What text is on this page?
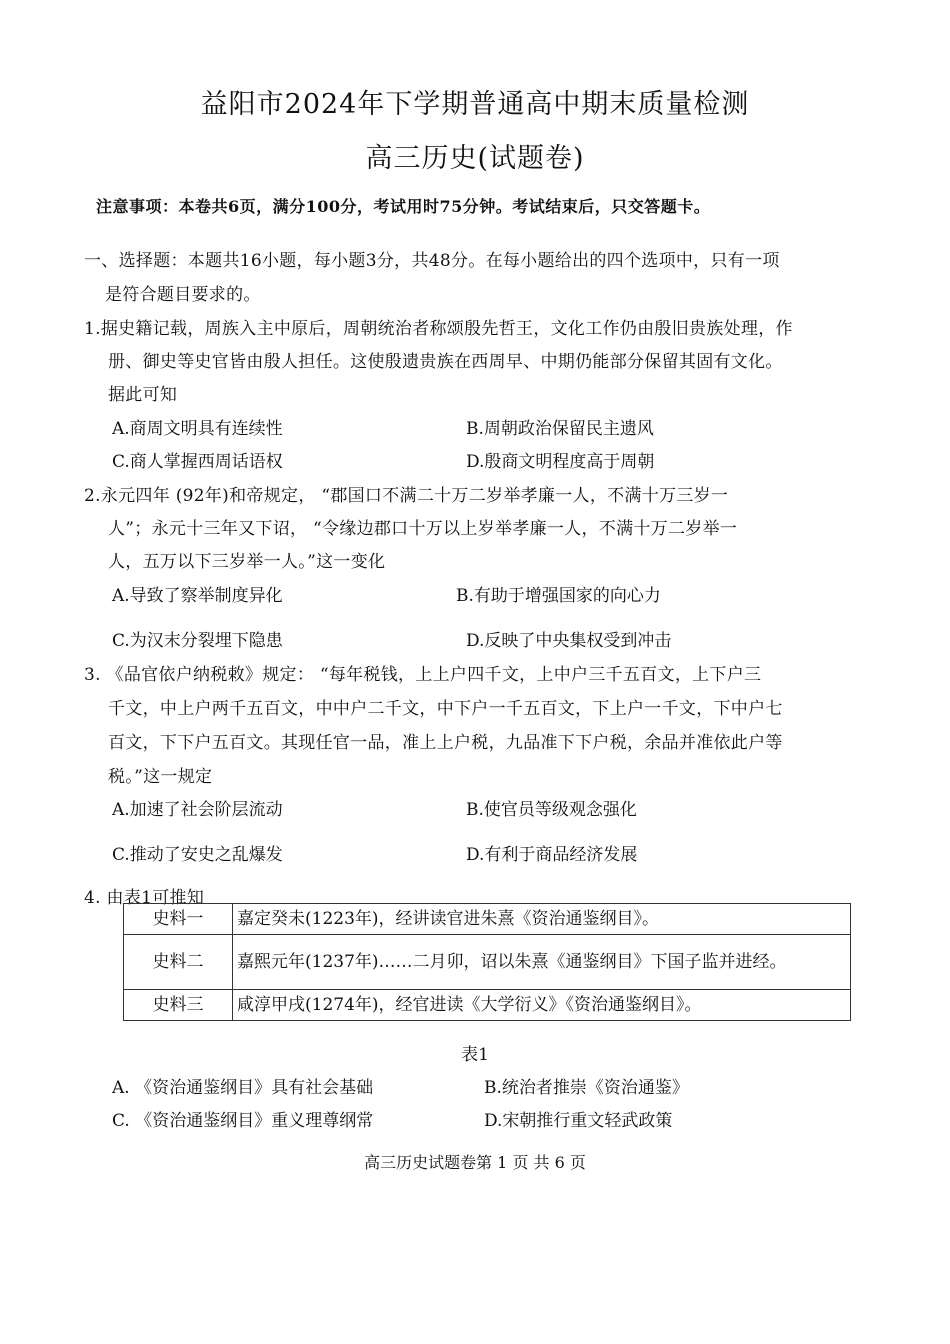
益阳市2024年下学期普通高中期末质量检测
高三历史(试题卷)
注意事项：本卷共6页，满分100分，考试用时75分钟。考试结束后，只交答题卡。
一、选择题：本题共16小题，每小题3分，共48分。在每小题给出的四个选项中，只有一项
是符合题目要求的。
1.据史籍记载，周族入主中原后，周朝统治者称颂殷先哲王，文化工作仍由殷旧贵族处理，作
册、御史等史官皆由殷人担任。这使殷遗贵族在西周早、中期仍能部分保留其固有文化。
据此可知
A.商周文明具有连续性	B.周朝政治保留民主遗风
C.商人掌握西周话语权	D.殷商文明程度高于周朝
2.永元四年 (92年)和帝规定， “郡国口不满二十万二岁举孝廉一人，不满十万三岁一
人”；永元十三年又下诏， “令缘边郡口十万以上岁举孝廉一人，不满十万二岁举一
人，五万以下三岁举一人。”这一变化
A.导致了察举制度异化	B.有助于增强国家的向心力
C.为汉末分裂埋下隐患	D.反映了中央集权受到冲击
3. 《品官依户纳税敕》规定： “每年税钱，上上户四千文，上中户三千五百文，上下户三
千文，中上户两千五百文，中中户二千文，中下户一千五百文，下上户一千文，下中户七
百文，下下户五百文。其现任官一品，准上上户税，九品准下下户税，余品并准依此户等
税。”这一规定
A.加速了社会阶层流动	B.使官员等级观念强化
C.推动了安史之乱爆发	D.有利于商品经济发展
4. 由表1可推知
史料一	嘉定癸未(1223年)，经讲读官进朱熹《资治通鉴纲目》。
史料二	嘉熙元年(1237年)……二月卯，诏以朱熹《通鉴纲目》下国子监并进经。
史料三	咸淳甲戌(1274年)，经官进读《大学衍义》《资治通鉴纲目》。
表1
A. 《资治通鉴纲目》具有社会基础	B.统治者推崇《资治通鉴》
C. 《资治通鉴纲目》重义理尊纲常	D.宋朝推行重文轻武政策
高三历史试题卷第 1 页 共 6 页
